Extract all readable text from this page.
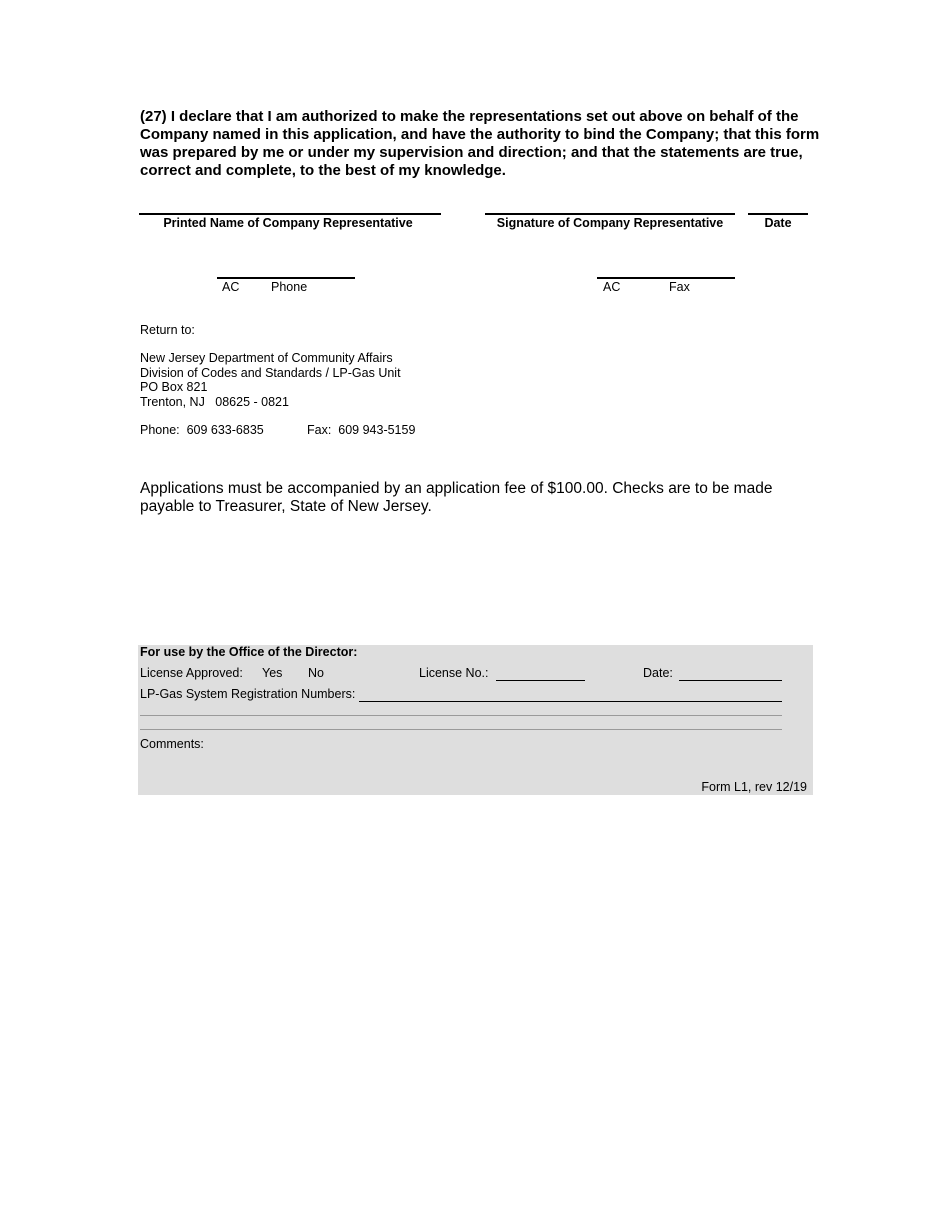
(27) I declare that I am authorized to make the representations set out above on behalf of the Company named in this application, and have the authority to bind the Company; that this form was prepared by me or under my supervision and direction; and that the statements are true, correct and complete, to the best of my knowledge.
Printed Name of Company Representative	Signature of Company Representative	Date
AC	Phone	AC	Fax
Return to:
New Jersey Department of Community Affairs
Division of Codes and Standards / LP-Gas Unit
PO Box 821
Trenton, NJ   08625 - 0821
Phone:  609 633-6835	Fax:  609 943-5159
Applications must be accompanied by an application fee of $100.00. Checks are to be made payable to Treasurer, State of New Jersey.
For use by the Office of the Director:
License Approved: Yes No	License No.:	Date:
LP-Gas System Registration Numbers:
Comments:
Form L1, rev 12/19
